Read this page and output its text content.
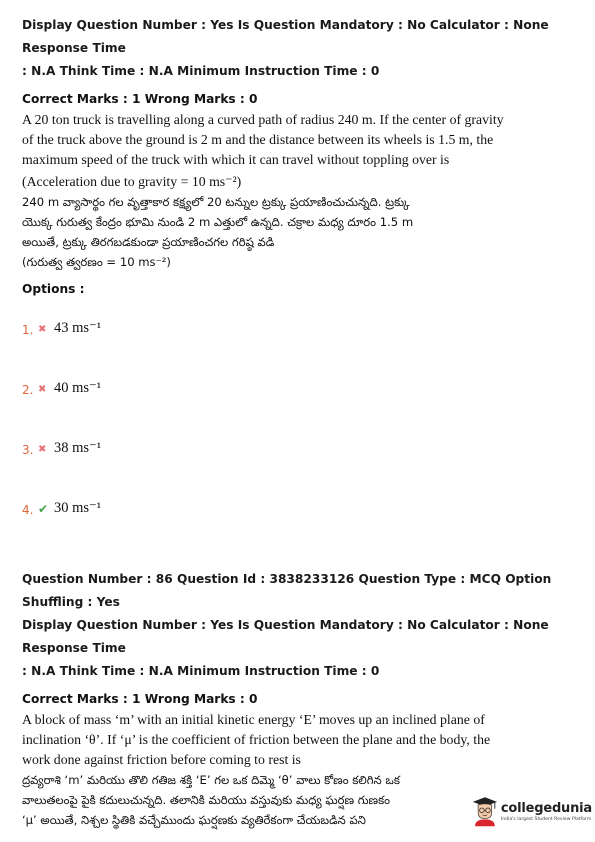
Display Question Number : Yes Is Question Mandatory : No Calculator : None Response Time
: N.A Think Time : N.A Minimum Instruction Time : 0
Correct Marks : 1 Wrong Marks : 0
A 20 ton truck is travelling along a curved path of radius 240 m. If the center of gravity
of the truck above the ground is 2 m and the distance between its wheels is 1.5 m, the
maximum speed of the truck with which it can travel without toppling over is
(Acceleration due to gravity = 10 ms⁻²)
240 m వ్యాసార్థం గల వృత్తాకార కక్ష్యలో 20 టన్నుల ట్రక్కు ప్రయాణించుచున్నది. ట్రక్కు
యొక్క గురుత్వ కేంద్రం భూమి నుండి 2 m ఎత్తులో ఉన్నది. చక్రాల మధ్య దూరం 1.5 m
అయితే, ట్రక్కు తిరగబడకుండా ప్రయాణించగల గరిష్ఠ వడి
(గురుత్వ త్వరణం = 10 ms⁻²)
Options :
1. ✖ 43 ms⁻¹
2. ✖ 40 ms⁻¹
3. ✖ 38 ms⁻¹
4. ✔ 30 ms⁻¹
Question Number : 86 Question Id : 3838233126 Question Type : MCQ Option Shuffling : Yes
Display Question Number : Yes Is Question Mandatory : No Calculator : None Response Time
: N.A Think Time : N.A Minimum Instruction Time : 0
Correct Marks : 1 Wrong Marks : 0
A block of mass ‘m’ with an initial kinetic energy ‘E’ moves up an inclined plane of
inclination ‘θ’. If ‘μ’ is the coefficient of friction between the plane and the body, the
work done against friction before coming to rest is
ద్రవ్యరాశి ‘m’ మరియు తొలి గతిజ శక్తి ‘E’ గల ఒక దిమ్మె ‘θ’ వాలు కోణం కలిగిన ఒక
వాలుతలంపై పైకి కదులుచున్నది. తలానికి మరియు వస్తువుకు మధ్య ఘర్షణ గుణకం
‘μ’ అయితే, నిశ్చల స్థితికి వచ్చేముందు ఘర్షణకు వ్యతిరేకంగా చేయబడిన పని
collegedunia
India's largest Student Review Platform
